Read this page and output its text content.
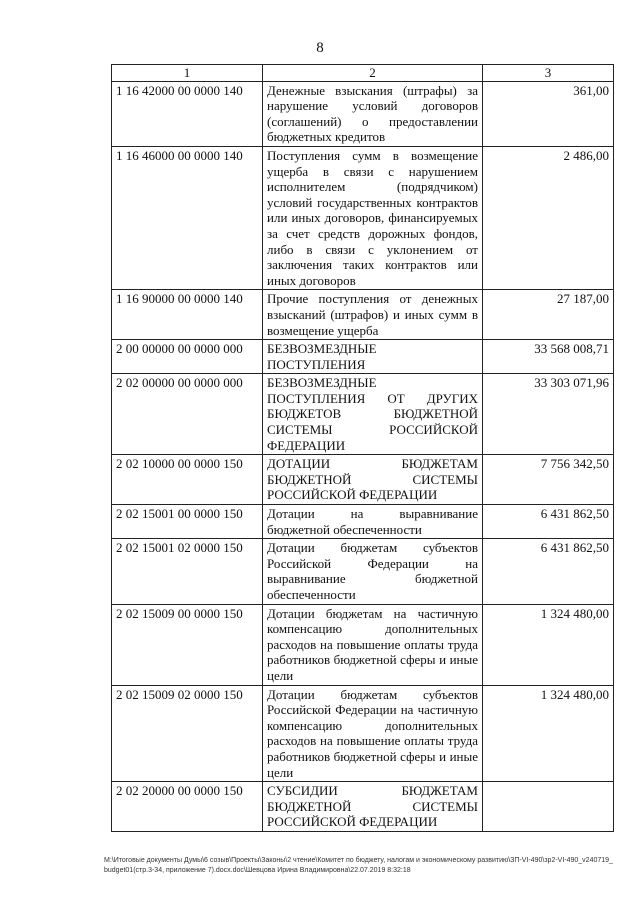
8
1	2	3
1 16 42000 00 0000 140	Денежные взыскания (штрафы) за нарушение условий договоров (соглашений) о предоставлении бюджетных кредитов	361,00
1 16 46000 00 0000 140	Поступления сумм в возмещение ущерба в связи с нарушением исполнителем (подрядчиком) условий государственных контрактов или иных договоров, финансируемых за счет средств дорожных фондов, либо в связи с уклонением от заключения таких контрактов или иных договоров	2 486,00
1 16 90000 00 0000 140	Прочие поступления от денежных взысканий (штрафов) и иных сумм в возмещение ущерба	27 187,00
2 00 00000 00 0000 000	БЕЗВОЗМЕЗДНЫЕ ПОСТУПЛЕНИЯ	33 568 008,71
2 02 00000 00 0000 000	БЕЗВОЗМЕЗДНЫЕ ПОСТУПЛЕНИЯ ОТ ДРУГИХ БЮДЖЕТОВ БЮДЖЕТНОЙ СИСТЕМЫ РОССИЙСКОЙ ФЕДЕРАЦИИ	33 303 071,96
2 02 10000 00 0000 150	ДОТАЦИИ БЮДЖЕТАМ БЮДЖЕТНОЙ СИСТЕМЫ РОССИЙСКОЙ ФЕДЕРАЦИИ	7 756 342,50
2 02 15001 00 0000 150	Дотации на выравнивание бюджетной обеспеченности	6 431 862,50
2 02 15001 02 0000 150	Дотации бюджетам субъектов Российской Федерации на выравнивание бюджетной обеспеченности	6 431 862,50
2 02 15009 00 0000 150	Дотации бюджетам на частичную компенсацию дополнительных расходов на повышение оплаты труда работников бюджетной сферы и иные цели	1 324 480,00
2 02 15009 02 0000 150	Дотации бюджетам субъектов Российской Федерации на частичную компенсацию дополнительных расходов на повышение оплаты труда работников бюджетной сферы и иные цели	1 324 480,00
2 02 20000 00 0000 150	СУБСИДИИ БЮДЖЕТАМ БЮДЖЕТНОЙ СИСТЕМЫ РОССИЙСКОЙ ФЕДЕРАЦИИ	
М:\Итоговые документы Думы\6 созыв\Проекты\Законы\2 чтение\Комитет по бюджету, налогам и экономическому развитию\ЗП-VI-490\зр2-VI-490_v240719_budget01(стр.3-34, приложение 7).docx.doc\Шевцова Ирина Владимировна\22.07.2019 8:32:18
